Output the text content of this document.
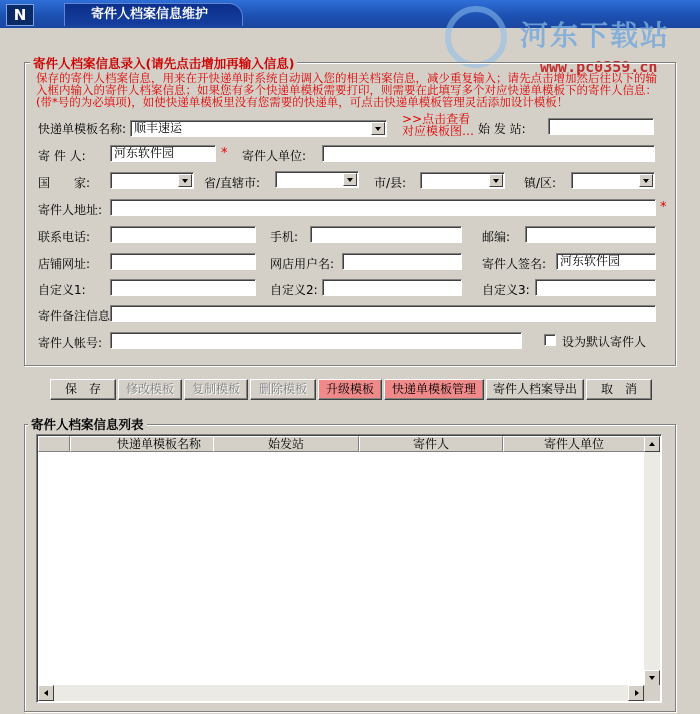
N	寄件人档案信息维护
河东下载站
www.pc0359.cn
寄件人档案信息录入(请先点击增加再输入信息)
保存的寄件人档案信息，用来在开快递单时系统自动调入您的相关档案信息，减少重复输入；请先点击增加然后往以下的输入框内输入的寄件人档案信息；如果您有多个快递单模板需要打印，则需要在此填写多个对应快递单模板下的寄件人信息：(带*号的为必填项)，如使快递单模板里没有您需要的快递单，可点击快递单模板管理灵活添加设计模板！
快递单模板名称: 顺丰速运
>>点击查看对应模板图… 始 发 站:
寄 件 人:	河东软件园	* 寄件人单位:
国　　家:	省/直辖市:	市/县:	镇/区:
寄件人地址:	*
联系电话:	手机:	邮编:
店铺网址:	网店用户名:	寄件人签名:	河东软件园
自定义1:	自定义2:	自定义3:
寄件备注信息
寄件人帐号:	设为默认寄件人
保　存	修改模板	复制模板	删除模板	升级模板	快递单模板管理	寄件人档案导出	取　消
寄件人档案信息列表
快递单模板名称	始发站	寄件人	寄件人单位
